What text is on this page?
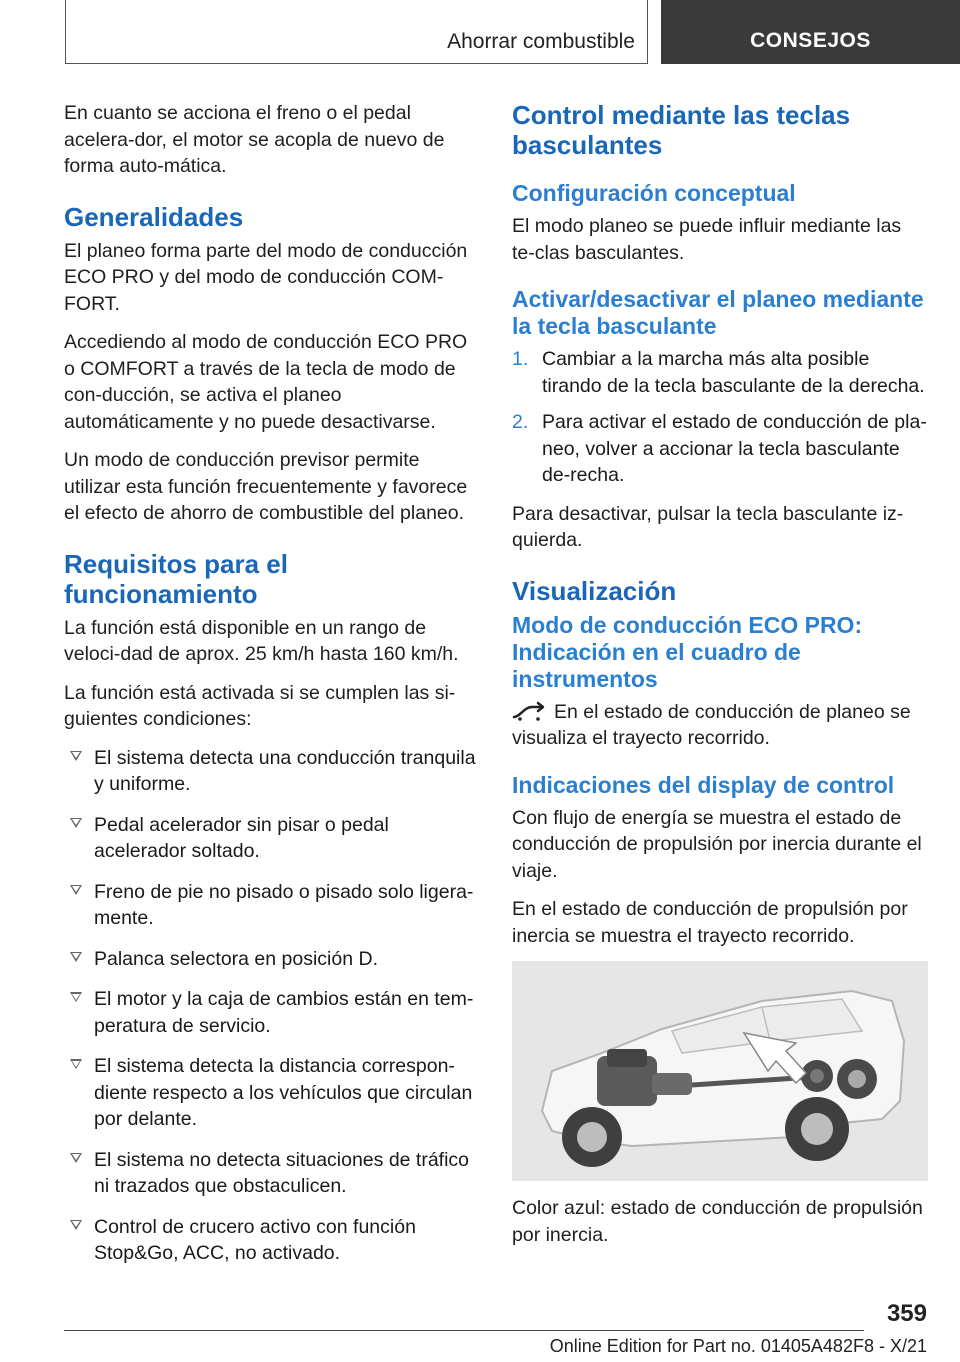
Ahorrar combustible	CONSEJOS

En cuanto se acciona el freno o el pedal acelera-dor, el motor se acopla de nuevo de forma auto-mática.

Generalidades

El planeo forma parte del modo de conducción ECO PRO y del modo de conducción COM-FORT.

Accediendo al modo de conducción ECO PRO o COMFORT a través de la tecla de modo de con-ducción, se activa el planeo automáticamente y no puede desactivarse.

Un modo de conducción previsor permite utilizar esta función frecuentemente y favorece el efecto de ahorro de combustible del planeo.

Requisitos para el funcionamiento

La función está disponible en un rango de veloci-dad de aprox. 25 km/h hasta 160 km/h.

La función está activada si se cumplen las si-guientes condiciones:

El sistema detecta una conducción tranquila y uniforme.
Pedal acelerador sin pisar o pedal acelerador soltado.
Freno de pie no pisado o pisado solo ligera-mente.
Palanca selectora en posición D.
El motor y la caja de cambios están en tem-peratura de servicio.
El sistema detecta la distancia correspon-diente respecto a los vehículos que circulan por delante.
El sistema no detecta situaciones de tráfico ni trazados que obstaculicen.
Control de crucero activo con función Stop&Go, ACC, no activado.
Control mediante las teclas basculantes
Configuración conceptual

El modo planeo se puede influir mediante las te-clas basculantes.

Activar/desactivar el planeo mediante la tecla basculante
1. Cambiar a la marcha más alta posible tirando de la tecla basculante de la derecha.
2. Para activar el estado de conducción de pla-neo, volver a accionar la tecla basculante de-recha.

Para desactivar, pulsar la tecla basculante iz-quierda.

Visualización
Modo de conducción ECO PRO: Indicación en el cuadro de instrumentos

En el estado de conducción de planeo se visualiza el trayecto recorrido.

Indicaciones del display de control

Con flujo de energía se muestra el estado de conducción de propulsión por inercia durante el viaje.

En el estado de conducción de propulsión por inercia se muestra el trayecto recorrido.

Color azul: estado de conducción de propulsión por inercia.

359
Online Edition for Part no. 01405A482F8 - X/21
